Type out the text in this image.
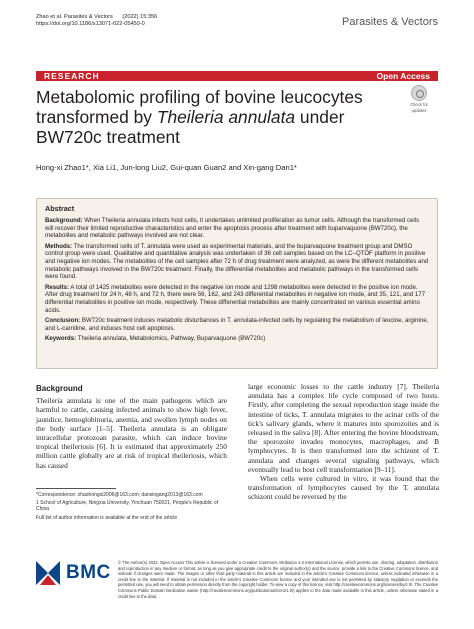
Zhao et al. Parasites & Vectors (2022) 15:356
https://doi.org/10.1186/s13071-022-05450-0	Parasites & Vectors
RESEARCH	Open Access
Metabolomic profiling of bovine leucocytes transformed by Theileria annulata under BW720c treatment
Check for
updates
Hong-xi Zhao1*, Xia Li1, Jun-long Liu2, Gui-quan Guan2 and Xin-gang Dan1*
Abstract

Background: When Theileria annulata infects host cells, it undertakes unlimited proliferation as tumor cells. Although the transformed cells will recover their limited reproductive characteristics and enter the apoptosis process after treatment with buparvaquone (BW720c), the metabolites and metabolic pathways involved are not clear.

Methods: The transformed cells of T. annulata were used as experimental materials, and the buparvaquone treatment group and DMSO control group were used. Qualitative and quantitative analysis was undertaken of 36 cell samples based on the LC–QTOF platform in positive and negative ion modes. The metabolites of the cell samples after 72 h of drug treatment were analyzed, as were the different metabolites and metabolic pathways involved in the BW720c treatment. Finally, the differential metabolites and metabolic pathways in the transformed cells were found.

Results: A total of 1425 metabolites were detected in the negative ion mode and 1298 metabolites were detected in the positive ion mode. After drug treatment for 24 h, 48 h, and 72 h, there were 56, 162, and 243 differential metabolites in negative ion mode, and 35, 121, and 177 differential metabolites in positive ion mode, respectively. These differential metabolites are mainly concentrated on various essential amino acids.

Conclusion: BW720c treatment induces metabolic disturbances in T. annulata-infected cells by regulating the metabolism of leucine, arginine, and L-carnitine, and induces host cell apoptosis.

Keywords: Theileria annulata, Metabolomics, Pathway, Buparvaquone (BW720c)

Background

Theileria annulata is one of the main pathogens which are harmful to cattle, causing infected animals to show high fever, jaundice, hemoglobinuria, anemia, and swollen lymph nodes on the body surface [1–5]. Theileria annulata is an obligate intracellular protozoan parasite, which can induce bovine tropical theileriosis [6]. It is estimated that approximately 250 million cattle globally are at risk of tropical theileriosis, which has caused

large economic losses to the cattle industry [7]. Theileria annulata has a complex life cycle composed of two hosts. Firstly, after completing the sexual reproduction stage inside the intestine of ticks, T. annulata migrates to the acinar cells of the tick's salivary glands, where it matures into sporozoites and is released in the saliva [8]. After entering the bovine bloodstream, the sporozoite invades monocytes, macrophages, and B lymphocytes. It is then transformed into the schizont of T. annulata and changes several signaling pathways, which eventually lead to host cell transformation [9–11].

When cells were cultured in vitro, it was found that the transformation of lymphocytes caused by the T. annulata schizont could be reversed by the

*Correspondence: zhaohongxi2006@163.com; danxingang2013@163.com
1 School of Agriculture, Ningxia University, Yinchuan 750021, People's Republic of China
Full list of author information is available at the end of the article
BMC © The Author(s) 2022. Open Access This article is licensed under a Creative Commons Attribution 4.0 International License, which permits use, sharing, adaptation, distribution and reproduction in any medium or format, as long as you give appropriate credit to the original author(s) and the source, provide a link to the Creative Commons licence, and indicate if changes were made. The images or other third party material in this article are included in the article's Creative Commons licence, unless indicated otherwise in a credit line to the material. If material is not included in the article's Creative Commons licence and your intended use is not permitted by statutory regulation or exceeds the permitted use, you will need to obtain permission directly from the copyright holder. To view a copy of this licence, visit http://creativecommons.org/licenses/by/4.0/. The Creative Commons Public Domain Dedication waiver (http://creativecommons.org/publicdomain/zero/1.0/) applies to the data made available in this article, unless otherwise stated in a credit line to the data.
